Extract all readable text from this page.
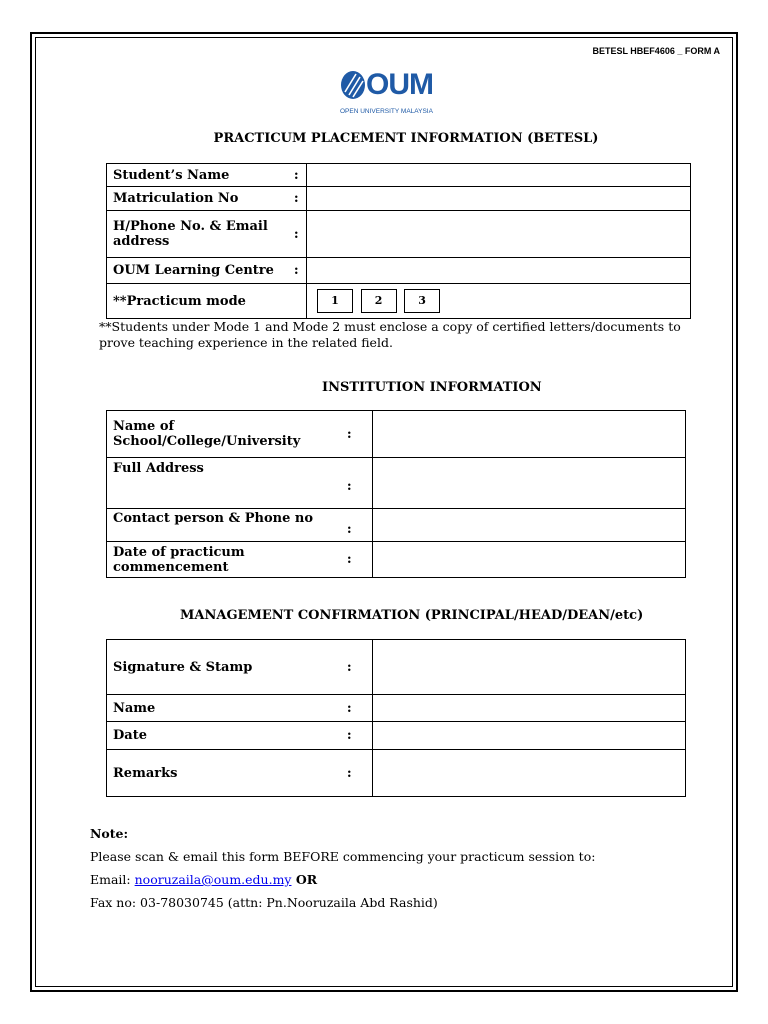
BETESL HBEF4606 _ FORM A
OUM
OPEN UNIVERSITY MALAYSIA
PRACTICUM PLACEMENT INFORMATION (BETESL)
Student’s Name	:	
Matriculation No	:	
H/Phone No. & Email address	:	
OUM Learning Centre	:	
**Practicum mode		1 2 3
**Students under Mode 1 and Mode 2 must enclose a copy of certified letters/documents to prove teaching experience in the related field.
INSTITUTION INFORMATION
Name of School/College/University	:	
Full Address	:	
Contact person & Phone no	:	
Date of practicum commencement	:	
MANAGEMENT CONFIRMATION (PRINCIPAL/HEAD/DEAN/etc)
Signature & Stamp	:	
Name	:	
Date	:	
Remarks	:	
Note:
Please scan & email this form BEFORE commencing your practicum session to:
Email: nooruzaila@oum.edu.my OR
Fax no: 03-78030745 (attn: Pn.Nooruzaila Abd Rashid)
